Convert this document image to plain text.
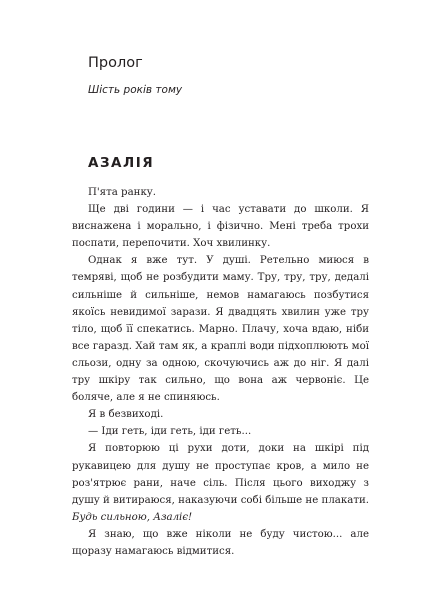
Пролог

Шість років тому

АЗАЛІЯ

П'ята ранку.

Ще дві години — і час уставати до школи. Я виснажена і морально, і фізично. Мені треба трохи поспати, перепочити. Хоч хвилинку.

Однак я вже тут. У душі. Ретельно миюся в темряві, щоб не розбудити маму. Тру, тру, тру, дедалі сильніше й сильніше, немов намагаюсь позбутися якоїсь невидимої зарази. Я двадцять хвилин уже тру тіло, щоб її спекатись. Марно. Плачу, хоча вдаю, ніби все гаразд. Хай там як, а краплі води підхоплюють мої сльози, одну за одною, скочуючись аж до ніг. Я далі тру шкіру так сильно, що вона аж червоніє. Це боляче, але я не спиняюсь.

Я в безвиході.

— Іди геть, іди геть, іди геть...

Я повторюю ці рухи доти, доки на шкірі під рукавицею для душу не проступає кров, а мило не роз'ятрює рани, наче сіль. Після цього виходжу з душу й витираюся, наказуючи собі більше не плакати. Будь сильною, Азаліє!

Я знаю, що вже ніколи не буду чистою... але щоразу намагаюсь відмитися.
